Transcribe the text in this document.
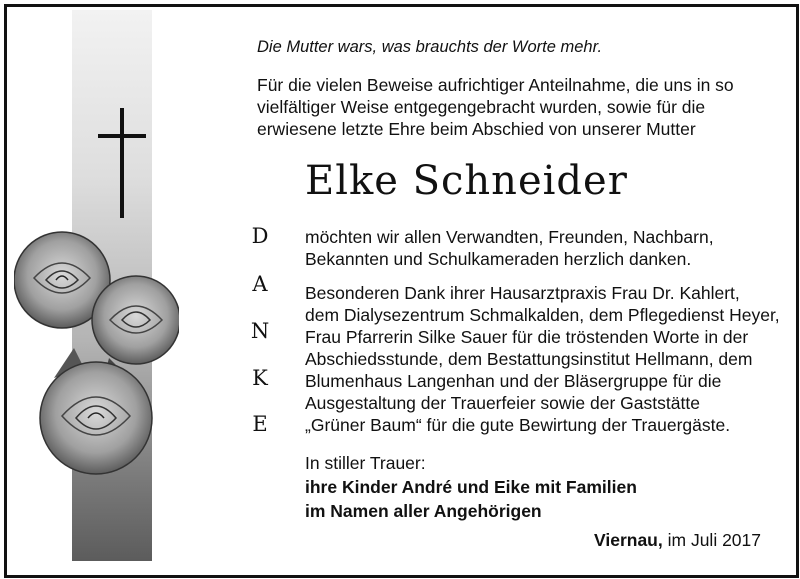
Die Mutter wars, was brauchts der Worte mehr.
Für die vielen Beweise aufrichtiger Anteilnahme, die uns in so
vielfältiger Weise entgegengebracht wurden, sowie für die
erwiesene letzte Ehre beim Abschied von unserer Mutter
Elke Schneider
D
A
N
K
E
möchten wir allen Verwandten, Freunden, Nachbarn,
Bekannten und Schulkameraden herzlich danken.
Besonderen Dank ihrer Hausarztpraxis Frau Dr. Kahlert,
dem Dialysezentrum Schmalkalden, dem Pflegedienst Heyer,
Frau Pfarrerin Silke Sauer für die tröstenden Worte in der
Abschiedsstunde, dem Bestattungsinstitut Hellmann, dem
Blumenhaus Langenhan und der Bläsergruppe für die
Ausgestaltung der Trauerfeier sowie der Gaststätte
„Grüner Baum“ für die gute Bewirtung der Trauergäste.
In stiller Trauer:
ihre Kinder André und Eike mit Familien
im Namen aller Angehörigen
Viernau, im Juli 2017
